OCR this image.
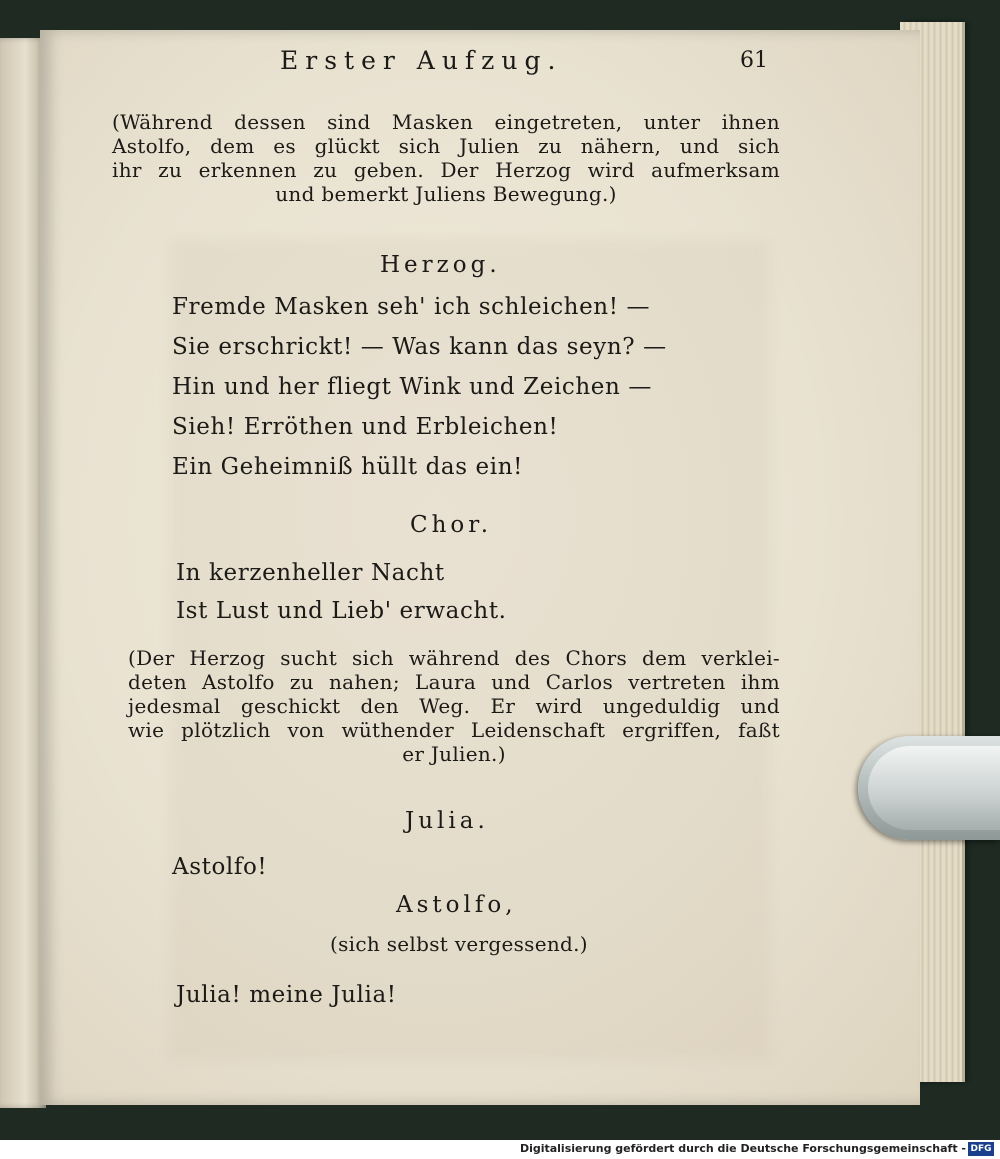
Erster Aufzug.	61
(Während dessen sind Masken eingetreten, unter ihnen
Astolfo, dem es glückt sich Julien zu nähern, und sich
ihr zu erkennen zu geben. Der Herzog wird aufmerksam
und bemerkt Juliens Bewegung.)
Herzog.
Fremde Masken seh' ich schleichen! —
Sie erschrickt! — Was kann das seyn? —
Hin und her fliegt Wink und Zeichen —
Sieh! Erröthen und Erbleichen!
Ein Geheimniß hüllt das ein!
Chor.
In kerzenheller Nacht
Ist Lust und Lieb' erwacht.
(Der Herzog sucht sich während des Chors dem verklei-
deten Astolfo zu nahen; Laura und Carlos vertreten ihm
jedesmal geschickt den Weg. Er wird ungeduldig und
wie plötzlich von wüthender Leidenschaft ergriffen, faßt
er Julien.)
Julia.
Astolfo!
Astolfo,
(sich selbst vergessend.)
Julia! meine Julia!
Digitalisierung gefördert durch die Deutsche Forschungsgemeinschaft - DFG
